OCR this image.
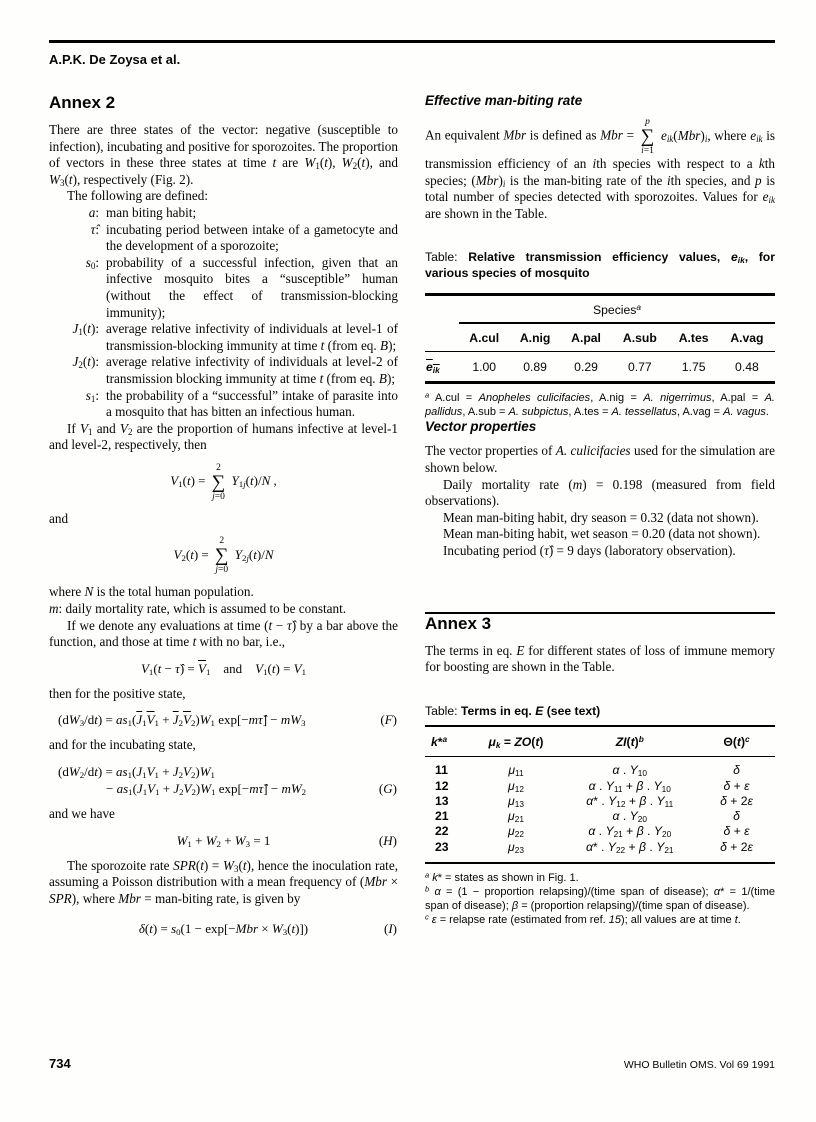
A.P.K. De Zoysa et al.
Annex 2

There are three states of the vector: negative (susceptible to infection), incubating and positive for sporozoites. The proportion of vectors in these three states at time t are $W_1(t)$, $W_2(t)$, and $W_3(t)$, respectively (Fig. 2).

The following are defined:

a: man biting habit;
τ̂: incubating period between intake of a gametocyte and the development of a sporozoite;
$s_0$: probability of a successful infection, given that an infective mosquito bites a “susceptible” human (without the effect of transmission-blocking immunity);
$J_1(t)$: average relative infectivity of individuals at level-1 of transmission-blocking immunity at time t (from eq. B);
$J_2(t)$: average relative infectivity of individuals at level-2 of transmission blocking immunity at time t (from eq. B);
$s_1$: the probability of a “successful” intake of parasite into a mosquito that has bitten an infectious human.

If $V_1$ and $V_2$ are the proportion of humans infective at level-1 and level-2, respectively, then

$V_1(t)$ =
2
∑
j=0
$Y_{1j}(t)/N$ ,

and

$V_2(t)$ =
2
∑
j=0
$Y_{2j}(t)/N$

where N is the total human population.

m: daily mortality rate, which is assumed to be constant.

If we denote any evaluations at time (t − τ̂) by a bar above the function, and those at time t with no bar, i.e.,

$V_1(t$ − τ̂) = $\overline{V}_1$ and $V_1(t) = V_1$

then for the positive state,

$(dW_3/dt) = as_1(\overline{J}_1\overline{V}_1 + \overline{J}_2\overline{V}_2)W_1$ exp[−mτ̂] − $mW_3$	(F)

and for the incubating state,

$(dW_2/dt) = as_1(J_1V_1 + J_2V_2)W_1$
− $as_1(J_1V_1 + J_2V_2)W_1$ exp[−mτ̂] − $mW_2$	(G)

and we have

$W_1 + W_2 + W_3 = 1$	(H)

The sporozoite rate $SPR(t) = W_3(t)$, hence the inoculation rate, assuming a Poisson distribution with a mean frequency of (Mbr × SPR), where Mbr = man-biting rate, is given by

$\delta(t) = s_0(1 - \exp[-Mbr \times W_3(t)])$	(I)
Effective man-biting rate

An equivalent Mbr is defined as Mbr =
p
∑
i=1
$e_{ik}(Mbr)_i$, where $e_{ik}$ is transmission efficiency of an ith species with respect to a kth species; $(Mbr)_i$ is the man-biting rate of the ith species, and p is total number of species detected with sporozoites. Values for $e_{ik}$ are shown in the Table.

Table: Relative transmission efficiency values, $e_{ik}$, for various species of mosquito
	Species$^a$
	A.cul	A.nig	A.pal	A.sub	A.tes	A.vag
$e_{ik}$	1.00	0.89	0.29	0.77	1.75	0.48
$^a$ A.cul = Anopheles culicifacies, A.nig = A. nigerrimus, A.pal = A. pallidus, A.sub = A. subpictus, A.tes = A. tessellatus, A.vag = A. vagus.
Vector properties

The vector properties of A. culicifacies used for the simulation are shown below.

Daily mortality rate (m) = 0.198 (measured from field observations).

Mean man-biting habit, dry season = 0.32 (data not shown).

Mean man-biting habit, wet season = 0.20 (data not shown).

Incubating period (τ̂) = 9 days (laboratory observation).

Annex 3

The terms in eq. E for different states of loss of immune memory for boosting are shown in the Table.

Table: Terms in eq. E (see text)
k*$^a$	$\mu_k = ZO(t)$	$ZI(t)^b$	$\Theta(t)^c$
11	$\mu_{11}$	α . $Y_{10}$	δ
12	$\mu_{12}$	α . $Y_{11} + \beta$ . $Y_{10}$	δ + ε
13	$\mu_{13}$	α* . $Y_{12} + \beta$ . $Y_{11}$	δ + 2ε
21	$\mu_{21}$	α . $Y_{20}$	δ
22	$\mu_{22}$	α . $Y_{21} + \beta$ . $Y_{20}$	δ + ε
23	$\mu_{23}$	α* . $Y_{22} + \beta$ . $Y_{21}$	δ + 2ε
$^a$ k* = states as shown in Fig. 1.
$^b$ α = (1 − proportion relapsing)/(time span of disease); α* = 1/(time span of disease); β = (proportion relapsing)/(time span of disease).
$^c$ ε = relapse rate (estimated from ref. 15); all values are at time t.
734	WHO Bulletin OMS. Vol 69 1991
